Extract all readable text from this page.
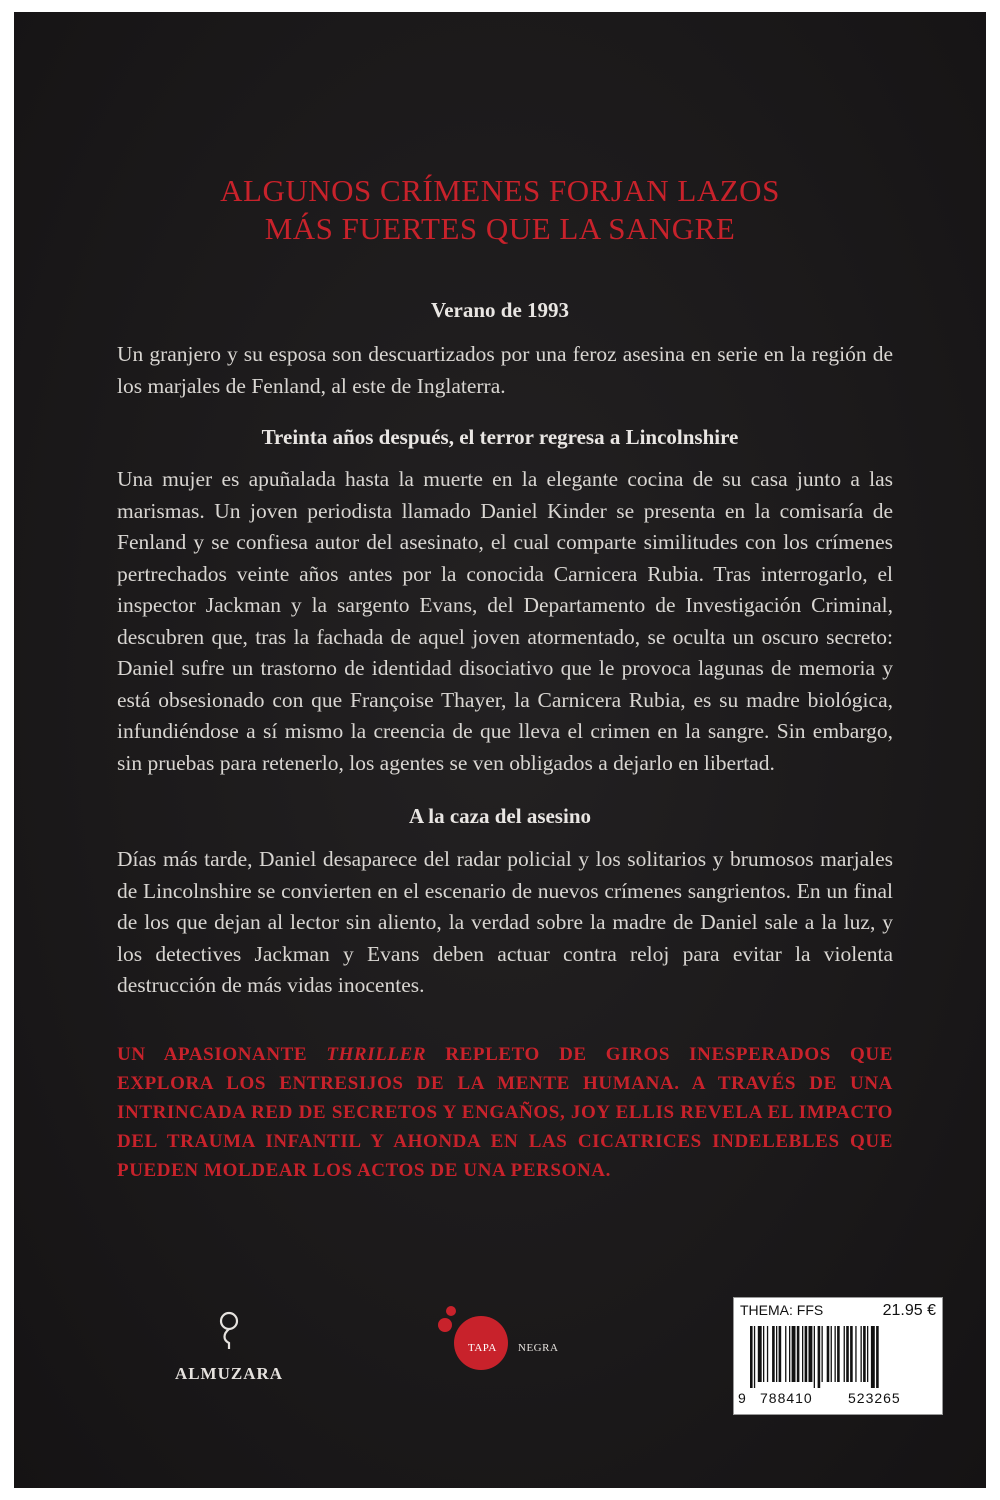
ALGUNOS CRÍMENES FORJAN LAZOS
MÁS FUERTES QUE LA SANGRE
Verano de 1993

Un granjero y su esposa son descuartizados por una feroz asesina en serie en la región de los marjales de Fenland, al este de Inglaterra.

Treinta años después, el terror regresa a Lincolnshire

Una mujer es apuñalada hasta la muerte en la elegante cocina de su casa junto a las marismas. Un joven periodista llamado Daniel Kinder se presenta en la comisaría de Fenland y se confiesa autor del asesinato, el cual comparte similitudes con los crímenes pertrechados veinte años antes por la conocida Carnicera Rubia. Tras interrogarlo, el inspector Jackman y la sargento Evans, del Departamento de Investigación Criminal, descubren que, tras la fachada de aquel joven atormentado, se oculta un oscuro secreto: Daniel sufre un trastorno de identidad disociativo que le provoca lagunas de memoria y está obsesionado con que Françoise Thayer, la Carnicera Rubia, es su madre biológica, infundiéndose a sí mismo la creencia de que lleva el crimen en la sangre. Sin embargo, sin pruebas para retenerlo, los agentes se ven obligados a dejarlo en libertad.

A la caza del asesino

Días más tarde, Daniel desaparece del radar policial y los solitarios y brumosos marjales de Lincolnshire se convierten en el escenario de nuevos crímenes sangrientos. En un final de los que dejan al lector sin aliento, la verdad sobre la madre de Daniel sale a la luz, y los detectives Jackman y Evans deben actuar contra reloj para evitar la violenta destrucción de más vidas inocentes.

UN APASIONANTE THRILLER REPLETO DE GIROS INESPERADOS QUE EXPLORA LOS ENTRESIJOS DE LA MENTE HUMANA. A TRAVÉS DE UNA INTRINCADA RED DE SECRETOS Y ENGAÑOS, JOY ELLIS REVELA EL IMPACTO DEL TRAUMA INFANTIL Y AHONDA EN LAS CICATRICES INDELEBLES QUE PUEDEN MOLDEAR LOS ACTOS DE UNA PERSONA.

ALMUZARA
TAPA NEGRA
THEMA: FFS	21.95 €
9 788410	523265
